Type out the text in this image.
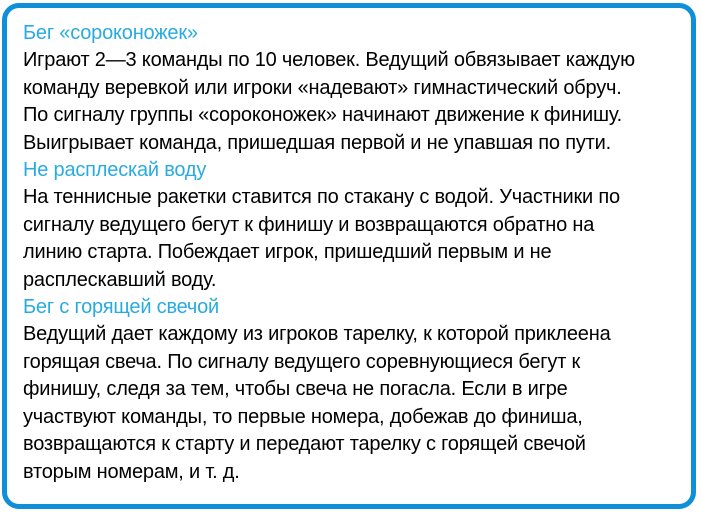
Бег «сороконожек»
Играют 2—3 команды по 10 человек. Ведущий обвязывает каждую
команду веревкой или игроки «надевают» гимнастический обруч.
По сигналу группы «сороконожек» начинают движение к финишу.
Выигрывает команда, пришедшая первой и не упавшая по пути.
Не расплескай воду
На теннисные ракетки ставится по стакану с водой. Участники по
сигналу ведущего бегут к финишу и возвращаются обратно на
линию старта. Побеждает игрок, пришедший первым и не
расплескавший воду.
Бег с горящей свечой
Ведущий дает каждому из игроков тарелку, к которой приклеена
горящая свеча. По сигналу ведущего соревнующиеся бегут к
финишу, следя за тем, чтобы свеча не погасла. Если в игре
участвуют команды, то первые номера, добежав до финиша,
возвращаются к старту и передают тарелку с горящей свечой
вторым номерам, и т. д.
